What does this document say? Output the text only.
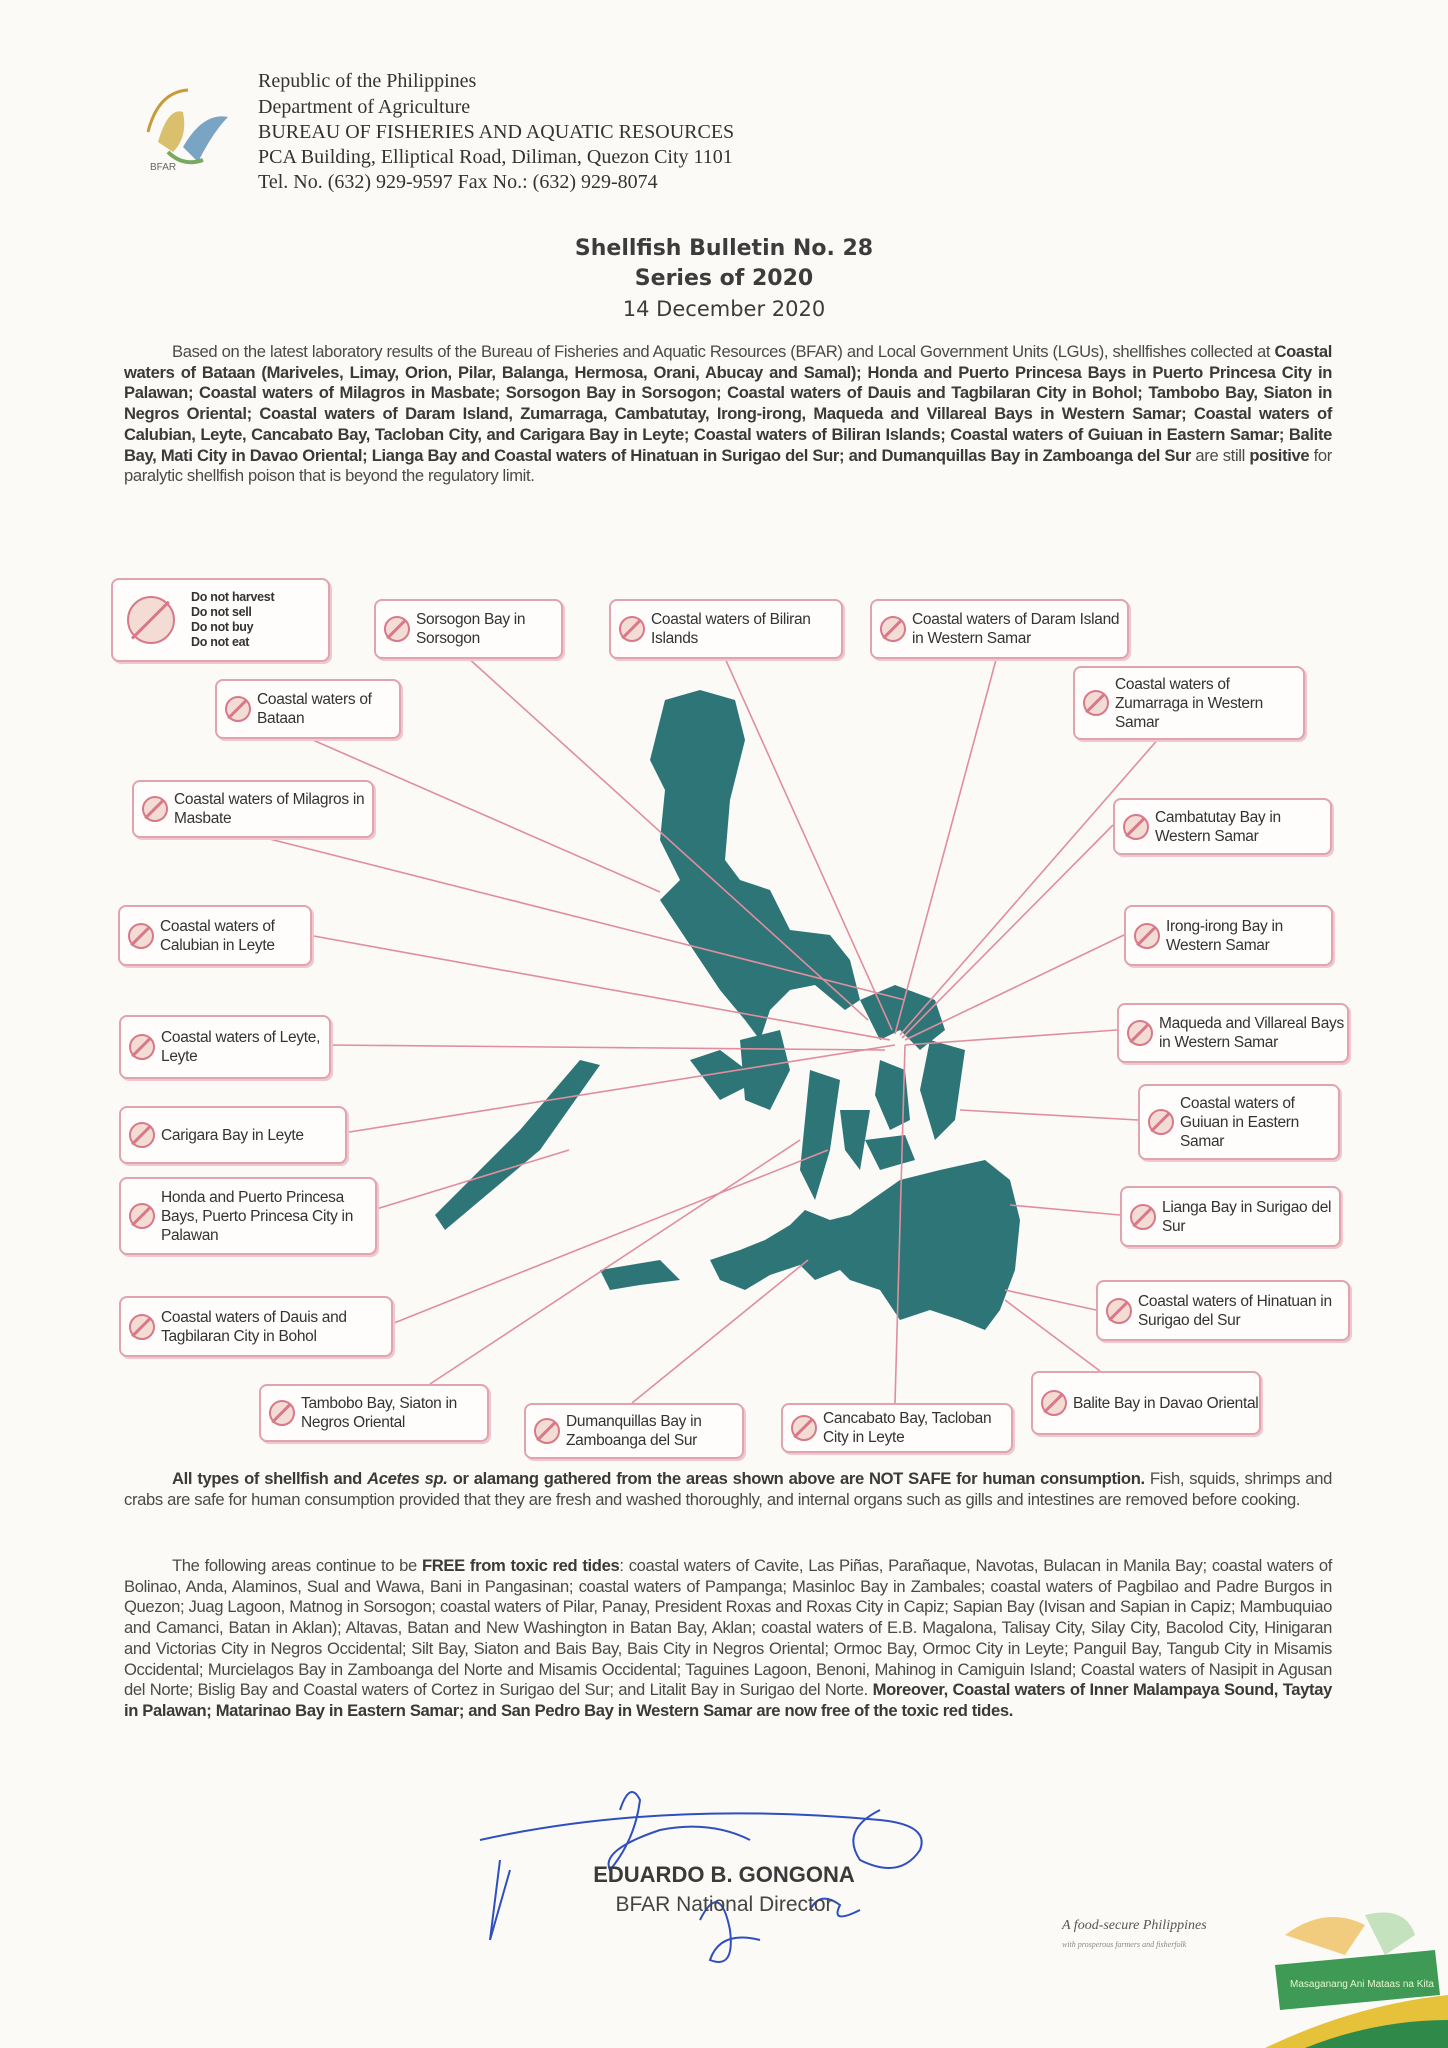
BFAR
Republic of the Philippines
Department of Agriculture
BUREAU OF FISHERIES AND AQUATIC RESOURCES
PCA Building, Elliptical Road, Diliman, Quezon City 1101
Tel. No. (632) 929-9597 Fax No.: (632) 929-8074
Shellfish Bulletin No. 28
Series of 2020
14 December 2020
Based on the latest laboratory results of the Bureau of Fisheries and Aquatic Resources (BFAR) and Local Government Units (LGUs), shellfishes collected at Coastal waters of Bataan (Mariveles, Limay, Orion, Pilar, Balanga, Hermosa, Orani, Abucay and Samal); Honda and Puerto Princesa Bays in Puerto Princesa City in Palawan; Coastal waters of Milagros in Masbate; Sorsogon Bay in Sorsogon; Coastal waters of Dauis and Tagbilaran City in Bohol; Tambobo Bay, Siaton in Negros Oriental; Coastal waters of Daram Island, Zumarraga, Cambatutay, Irong-irong, Maqueda and Villareal Bays in Western Samar; Coastal waters of Calubian, Leyte, Cancabato Bay, Tacloban City, and Carigara Bay in Leyte; Coastal waters of Biliran Islands; Coastal waters of Guiuan in Eastern Samar; Balite Bay, Mati City in Davao Oriental; Lianga Bay and Coastal waters of Hinatuan in Surigao del Sur; and Dumanquillas Bay in Zamboanga del Sur are still positive for paralytic shellfish poison that is beyond the regulatory limit.
Do not harvest
Do not sell
Do not buy
Do not eat
Sorsogon Bay in Sorsogon
Coastal waters of Biliran Islands
Coastal waters of Daram Island in Western Samar
Coastal waters of Bataan
Coastal waters of Zumarraga in Western Samar
Coastal waters of Milagros in Masbate	Cambatutay Bay in Western Samar
Coastal waters of Calubian in Leyte
Irong-irong Bay in Western Samar
Coastal waters of Leyte, Leyte
Maqueda and Villareal Bays in Western Samar
Carigara Bay in Leyte
Coastal waters of Guiuan in Eastern Samar
Honda and Puerto Princesa Bays, Puerto Princesa City in Palawan
Lianga Bay in Surigao del Sur
Coastal waters of Dauis and Tagbilaran City in Bohol
Coastal waters of Hinatuan in Surigao del Sur
Tambobo Bay, Siaton in Negros Oriental	Dumanquillas Bay in Zamboanga del Sur
Cancabato Bay, Tacloban City in Leyte
Balite Bay in Davao Oriental
All types of shellfish and Acetes sp. or alamang gathered from the areas shown above are NOT SAFE for human consumption. Fish, squids, shrimps and crabs are safe for human consumption provided that they are fresh and washed thoroughly, and internal organs such as gills and intestines are removed before cooking.
The following areas continue to be FREE from toxic red tides: coastal waters of Cavite, Las Piñas, Parañaque, Navotas, Bulacan in Manila Bay; coastal waters of Bolinao, Anda, Alaminos, Sual and Wawa, Bani in Pangasinan; coastal waters of Pampanga; Masinloc Bay in Zambales; coastal waters of Pagbilao and Padre Burgos in Quezon; Juag Lagoon, Matnog in Sorsogon; coastal waters of Pilar, Panay, President Roxas and Roxas City in Capiz; Sapian Bay (Ivisan and Sapian in Capiz; Mambuquiao and Camanci, Batan in Aklan); Altavas, Batan and New Washington in Batan Bay, Aklan; coastal waters of E.B. Magalona, Talisay City, Silay City, Bacolod City, Hinigaran and Victorias City in Negros Occidental; Silt Bay, Siaton and Bais Bay, Bais City in Negros Oriental; Ormoc Bay, Ormoc City in Leyte; Panguil Bay, Tangub City in Misamis Occidental; Murcielagos Bay in Zamboanga del Norte and Misamis Occidental; Taguines Lagoon, Benoni, Mahinog in Camiguin Island; Coastal waters of Nasipit in Agusan del Norte; Bislig Bay and Coastal waters of Cortez in Surigao del Sur; and Litalit Bay in Surigao del Norte. Moreover, Coastal waters of Inner Malampaya Sound, Taytay in Palawan; Matarinao Bay in Eastern Samar; and San Pedro Bay in Western Samar are now free of the toxic red tides.
EDUARDO B. GONGONA
BFAR National Director
A food-secure Philippines
with prosperous farmers and fisherfolk
Masaganang Ani Mataas na Kita
